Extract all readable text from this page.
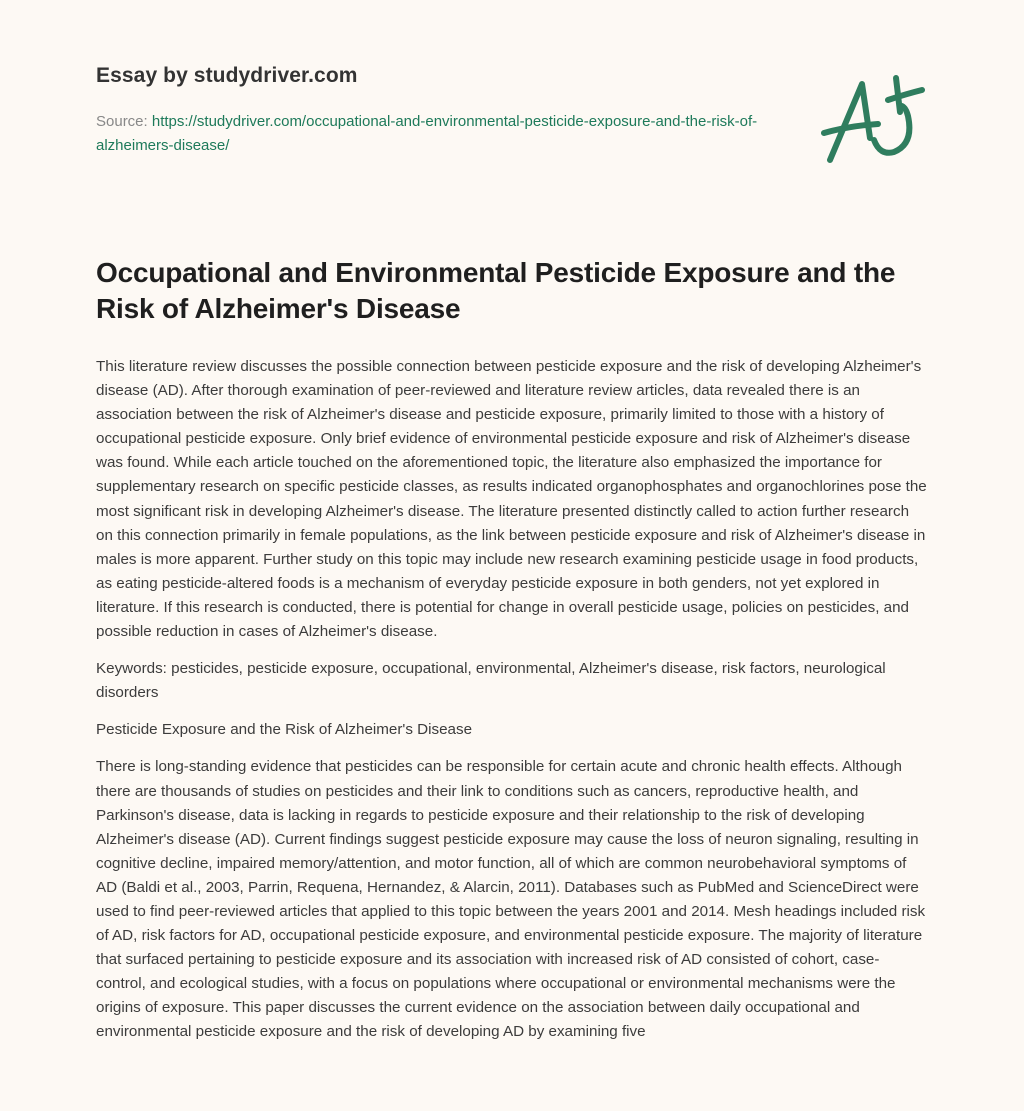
Essay by studydriver.com
Source: https://studydriver.com/occupational-and-environmental-pesticide-exposure-and-the-risk-of-alzheimers-disease/
Occupational and Environmental Pesticide Exposure and the Risk of Alzheimer's Disease

This literature review discusses the possible connection between pesticide exposure and the risk of developing Alzheimer's disease (AD). After thorough examination of peer-reviewed and literature review articles, data revealed there is an association between the risk of Alzheimer's disease and pesticide exposure, primarily limited to those with a history of occupational pesticide exposure. Only brief evidence of environmental pesticide exposure and risk of Alzheimer's disease was found. While each article touched on the aforementioned topic, the literature also emphasized the importance for supplementary research on specific pesticide classes, as results indicated organophosphates and organochlorines pose the most significant risk in developing Alzheimer's disease. The literature presented distinctly called to action further research on this connection primarily in female populations, as the link between pesticide exposure and risk of Alzheimer's disease in males is more apparent. Further study on this topic may include new research examining pesticide usage in food products, as eating pesticide-altered foods is a mechanism of everyday pesticide exposure in both genders, not yet explored in literature. If this research is conducted, there is potential for change in overall pesticide usage, policies on pesticides, and possible reduction in cases of Alzheimer's disease.

Keywords: pesticides, pesticide exposure, occupational, environmental, Alzheimer's disease, risk factors, neurological disorders

Pesticide Exposure and the Risk of Alzheimer's Disease

There is long-standing evidence that pesticides can be responsible for certain acute and chronic health effects. Although there are thousands of studies on pesticides and their link to conditions such as cancers, reproductive health, and Parkinson's disease, data is lacking in regards to pesticide exposure and their relationship to the risk of developing Alzheimer's disease (AD). Current findings suggest pesticide exposure may cause the loss of neuron signaling, resulting in cognitive decline, impaired memory/attention, and motor function, all of which are common neurobehavioral symptoms of AD (Baldi et al., 2003, Parrin, Requena, Hernandez, & Alarcin, 2011). Databases such as PubMed and ScienceDirect were used to find peer-reviewed articles that applied to this topic between the years 2001 and 2014. Mesh headings included risk of AD, risk factors for AD, occupational pesticide exposure, and environmental pesticide exposure. The majority of literature that surfaced pertaining to pesticide exposure and its association with increased risk of AD consisted of cohort, case-control, and ecological studies, with a focus on populations where occupational or environmental mechanisms were the origins of exposure. This paper discusses the current evidence on the association between daily occupational and environmental pesticide exposure and the risk of developing AD by examining five
